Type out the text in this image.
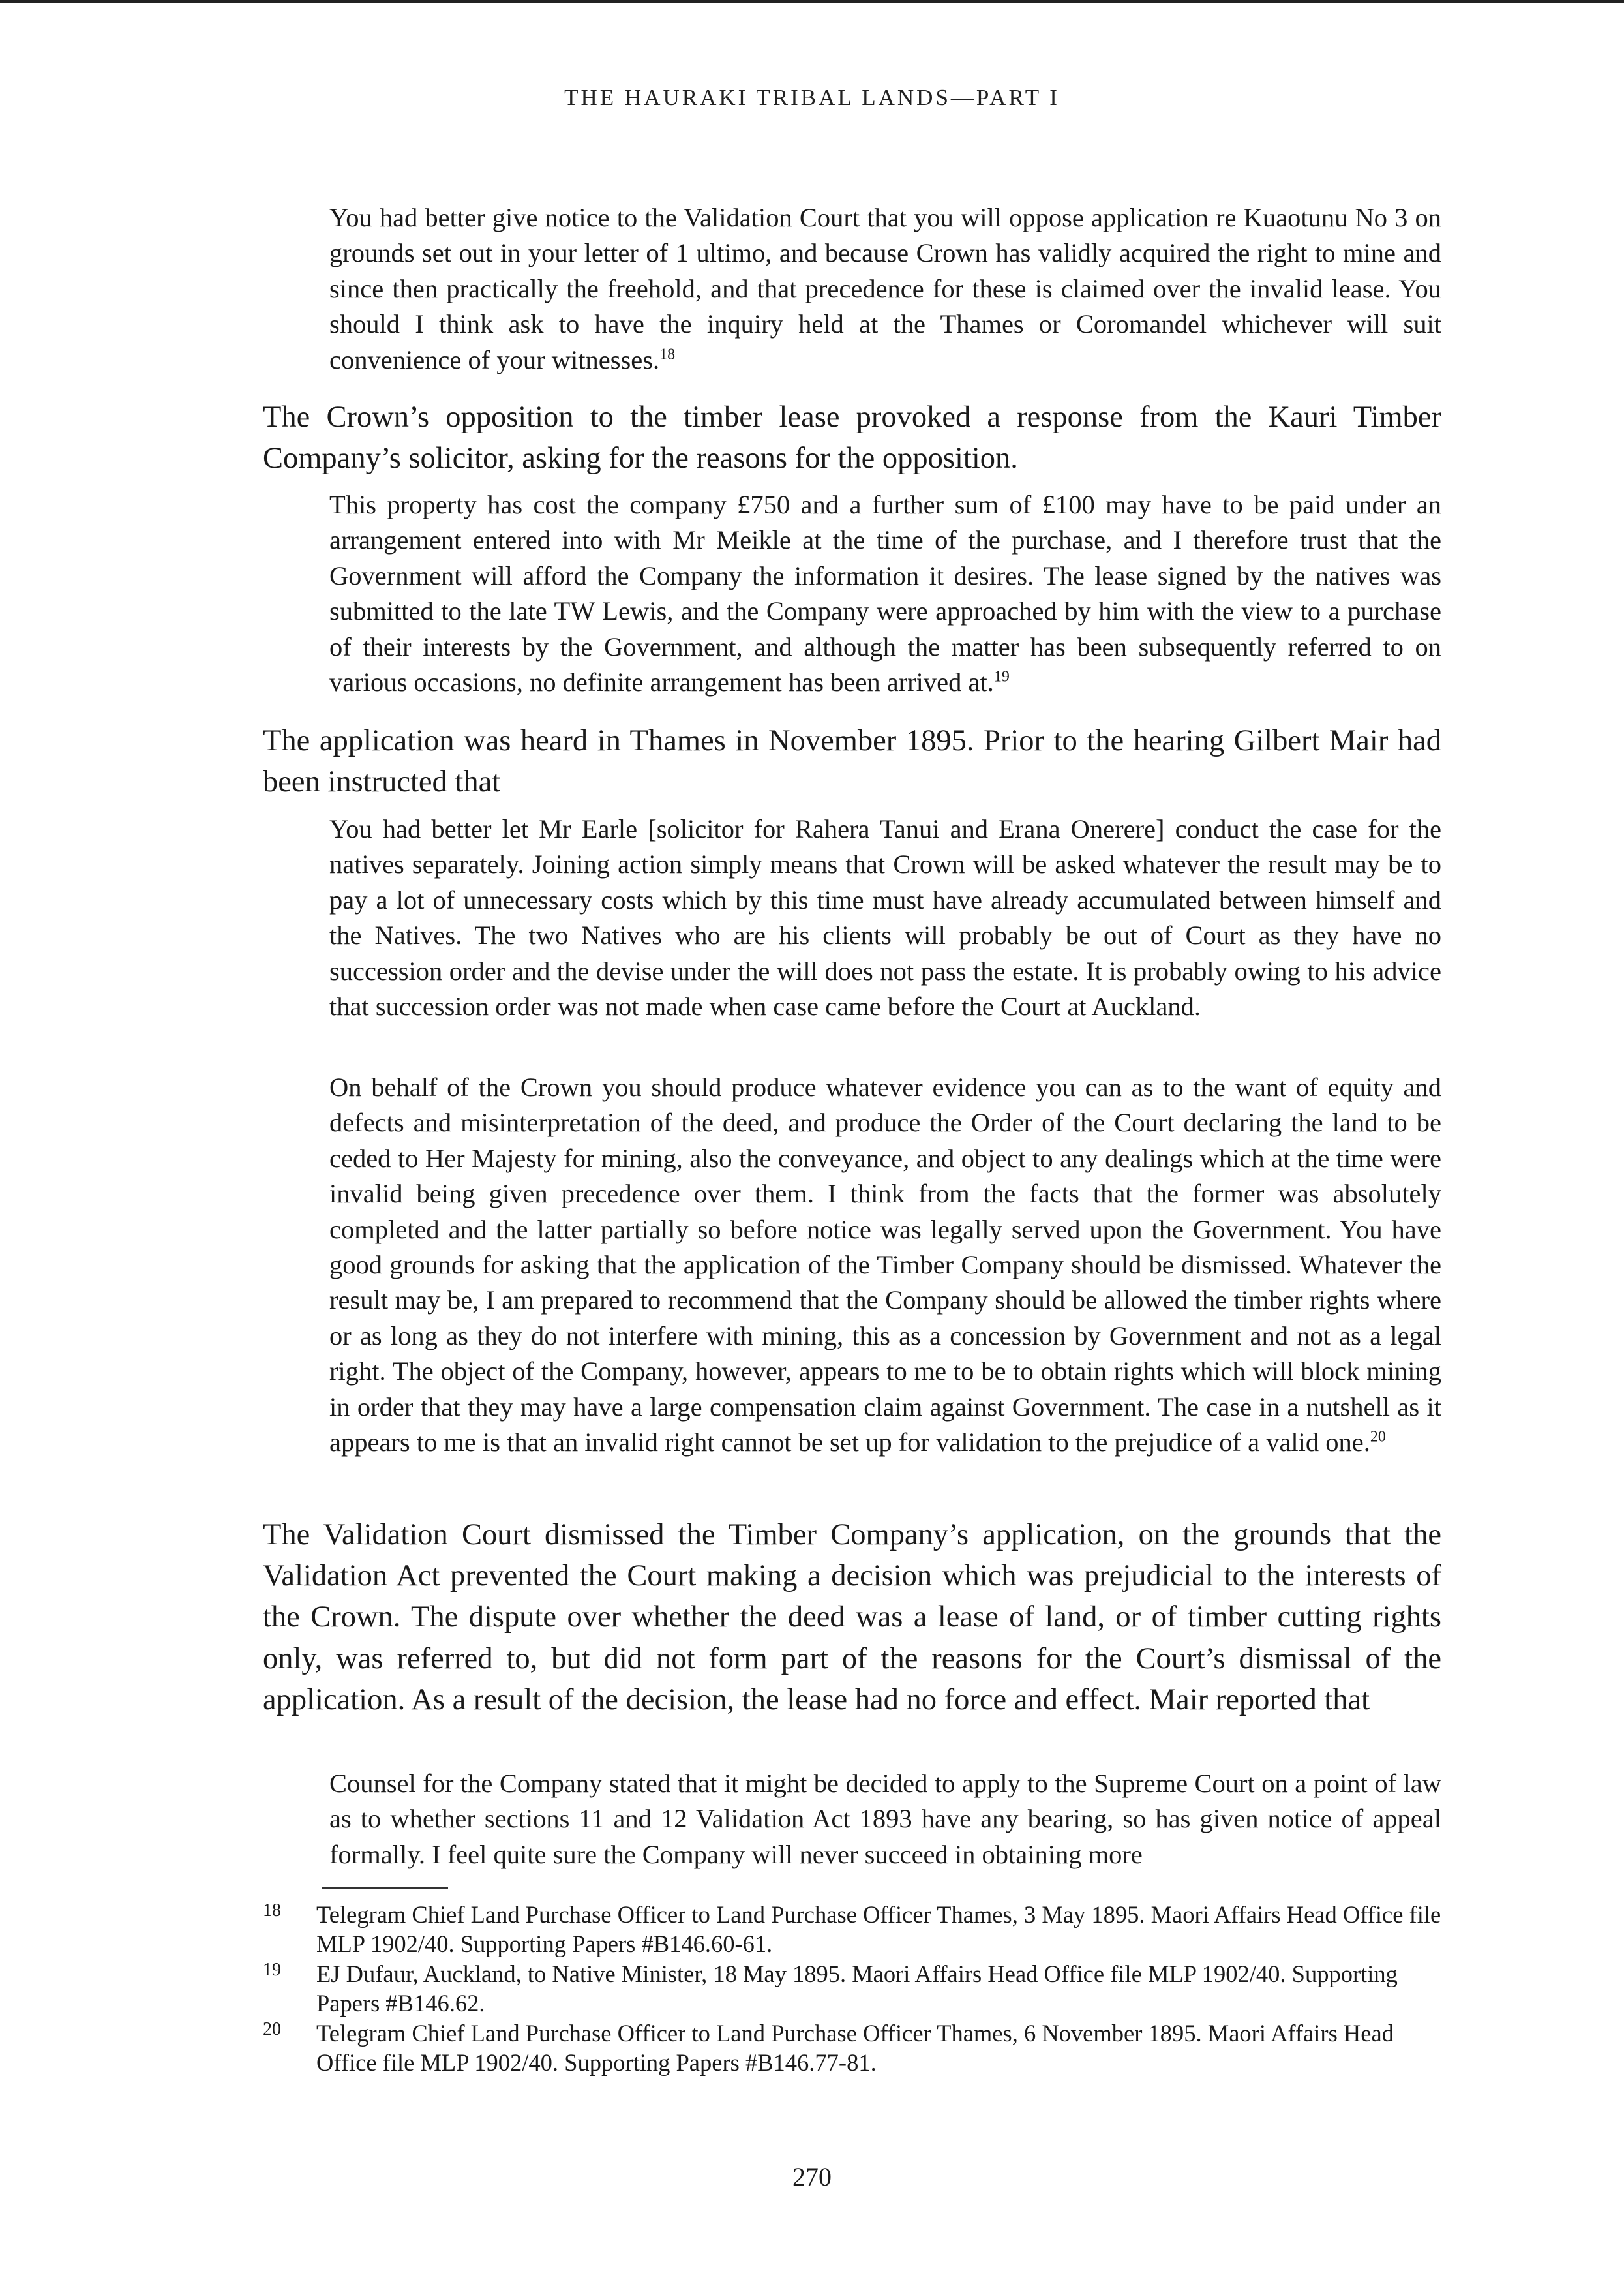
THE HAURAKI TRIBAL LANDS—PART I

You had better give notice to the Validation Court that you will oppose application re Kuaotunu No 3 on grounds set out in your letter of 1 ultimo, and because Crown has validly acquired the right to mine and since then practically the freehold, and that precedence for these is claimed over the invalid lease. You should I think ask to have the inquiry held at the Thames or Coromandel whichever will suit convenience of your witnesses.$^{18}$

The Crown’s opposition to the timber lease provoked a response from the Kauri Timber Company’s solicitor, asking for the reasons for the opposition.

This property has cost the company £750 and a further sum of £100 may have to be paid under an arrangement entered into with Mr Meikle at the time of the purchase, and I therefore trust that the Government will afford the Company the information it desires. The lease signed by the natives was submitted to the late TW Lewis, and the Company were approached by him with the view to a purchase of their interests by the Government, and although the matter has been subsequently referred to on various occasions, no definite arrangement has been arrived at.$^{19}$

The application was heard in Thames in November 1895. Prior to the hearing Gilbert Mair had been instructed that

You had better let Mr Earle [solicitor for Rahera Tanui and Erana Onerere] conduct the case for the natives separately. Joining action simply means that Crown will be asked whatever the result may be to pay a lot of unnecessary costs which by this time must have already accumulated between himself and the Natives. The two Natives who are his clients will probably be out of Court as they have no succession order and the devise under the will does not pass the estate. It is probably owing to his advice that succession order was not made when case came before the Court at Auckland.

On behalf of the Crown you should produce whatever evidence you can as to the want of equity and defects and misinterpretation of the deed, and produce the Order of the Court declaring the land to be ceded to Her Majesty for mining, also the conveyance, and object to any dealings which at the time were invalid being given precedence over them. I think from the facts that the former was absolutely completed and the latter partially so before notice was legally served upon the Government. You have good grounds for asking that the application of the Timber Company should be dismissed. Whatever the result may be, I am prepared to recommend that the Company should be allowed the timber rights where or as long as they do not interfere with mining, this as a concession by Government and not as a legal right. The object of the Company, however, appears to me to be to obtain rights which will block mining in order that they may have a large compensation claim against Government. The case in a nutshell as it appears to me is that an invalid right cannot be set up for validation to the prejudice of a valid one.$^{20}$

The Validation Court dismissed the Timber Company’s application, on the grounds that the Validation Act prevented the Court making a decision which was prejudicial to the interests of the Crown. The dispute over whether the deed was a lease of land, or of timber cutting rights only, was referred to, but did not form part of the reasons for the Court’s dismissal of the application. As a result of the decision, the lease had no force and effect. Mair reported that

Counsel for the Company stated that it might be decided to apply to the Supreme Court on a point of law as to whether sections 11 and 12 Validation Act 1893 have any bearing, so has given notice of appeal formally. I feel quite sure the Company will never succeed in obtaining more

18 Telegram Chief Land Purchase Officer to Land Purchase Officer Thames, 3 May 1895. Maori Affairs Head Office file MLP 1902/40. Supporting Papers #B146.60-61.
19 EJ Dufaur, Auckland, to Native Minister, 18 May 1895. Maori Affairs Head Office file MLP 1902/40. Supporting Papers #B146.62.
20 Telegram Chief Land Purchase Officer to Land Purchase Officer Thames, 6 November 1895. Maori Affairs Head Office file MLP 1902/40. Supporting Papers #B146.77-81.
270
